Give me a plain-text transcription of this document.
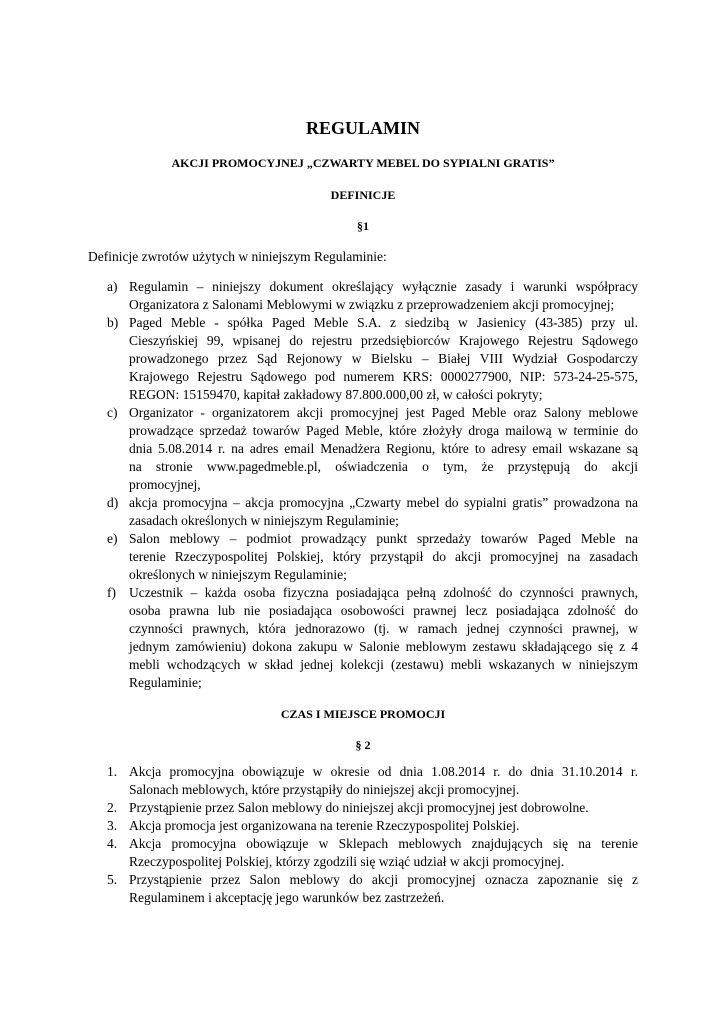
REGULAMIN
AKCJI PROMOCYJNEJ „CZWARTY MEBEL DO SYPIALNI GRATIS”
DEFINICJE
§1
Definicje zwrotów użytych w niniejszym Regulaminie:
a) Regulamin – niniejszy dokument określający wyłącznie zasady i warunki współpracy
Organizatora z Salonami Meblowymi w związku z przeprowadzeniem akcji promocyjnej;
b) Paged Meble - spółka Paged Meble S.A. z siedzibą w Jasienicy (43-385) przy ul.
Cieszyńskiej 99, wpisanej do rejestru przedsiębiorców Krajowego Rejestru Sądowego
prowadzonego przez Sąd Rejonowy w Bielsku – Białej VIII Wydział Gospodarczy
Krajowego Rejestru Sądowego pod numerem KRS: 0000277900, NIP: 573-24-25-575,
REGON: 15159470, kapitał zakładowy 87.800.000,00 zł, w całości pokryty;
c) Organizator - organizatorem akcji promocyjnej jest Paged Meble oraz Salony meblowe
prowadzące sprzedaż towarów Paged Meble, które złożyły droga mailową w terminie do
dnia 5.08.2014 r. na adres email Menadżera Regionu, które to adresy email wskazane są
na stronie www.pagedmeble.pl, oświadczenia o tym, że przystępują do akcji
promocyjnej,
d) akcja promocyjna – akcja promocyjna „Czwarty mebel do sypialni gratis” prowadzona na
zasadach określonych w niniejszym Regulaminie;
e) Salon meblowy – podmiot prowadzący punkt sprzedaży towarów Paged Meble na
terenie Rzeczypospolitej Polskiej, który przystąpił do akcji promocyjnej na zasadach
określonych w niniejszym Regulaminie;
f) Uczestnik – każda osoba fizyczna posiadająca pełną zdolność do czynności prawnych,
osoba prawna lub nie posiadająca osobowości prawnej lecz posiadająca zdolność do
czynności prawnych, która jednorazowo (tj. w ramach jednej czynności prawnej, w
jednym zamówieniu) dokona zakupu w Salonie meblowym zestawu składającego się z 4
mebli wchodzących w skład jednej kolekcji (zestawu) mebli wskazanych w niniejszym
Regulaminie;
CZAS I MIEJSCE PROMOCJI
§ 2
1. Akcja promocyjna obowiązuje w okresie od dnia 1.08.2014 r. do dnia 31.10.2014 r.
Salonach meblowych, które przystąpiły do niniejszej akcji promocyjnej.
2. Przystąpienie przez Salon meblowy do niniejszej akcji promocyjnej jest dobrowolne.
3. Akcja promocja jest organizowana na terenie Rzeczypospolitej Polskiej.
4. Akcja promocyjna obowiązuje w Sklepach meblowych znajdujących się na terenie
Rzeczypospolitej Polskiej, którzy zgodzili się wziąć udział w akcji promocyjnej.
5. Przystąpienie przez Salon meblowy do akcji promocyjnej oznacza zapoznanie się z
Regulaminem i akceptację jego warunków bez zastrzeżeń.
